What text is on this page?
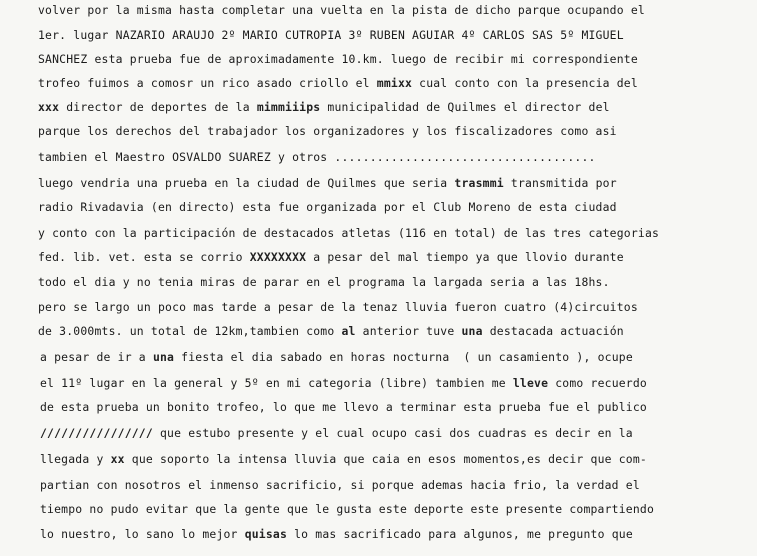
volver por la misma hasta completar una vuelta en la pista de dicho parque ocupando el
1er. lugar NAZARIO ARAUJO 2º MARIO CUTROPIA 3º RUBEN AGUIAR 4º CARLOS SAS 5º MIGUEL
SANCHEZ esta prueba fue de aproximadamente 10.km. luego de recibir mi correspondiente
trofeo fuimos a comosr un rico asado criollo el mmixx cual conto con la presencia del
xxx director de deportes de la mimmiiips municipalidad de Quilmes el director del
parque los derechos del trabajador los organizadores y los fiscalizadores como asi
tambien el Maestro OSVALDO SUAREZ y otros .....................................
luego vendria una prueba en la ciudad de Quilmes que seria trasmmi transmitida por
radio Rivadavia (en directo) esta fue organizada por el Club Moreno de esta ciudad
y conto con la participación de destacados atletas (116 en total) de las tres categorias
fed. lib. vet. esta se corrio XXXXXXXX a pesar del mal tiempo ya que llovio durante
todo el dia y no tenia miras de parar en el programa la largada seria a las 18hs.
pero se largo un poco mas tarde a pesar de la tenaz lluvia fueron cuatro (4)circuitos
de 3.000mts. un total de 12km,tambien como al anterior tuve una destacada actuación
a pesar de ir a una fiesta el dia sabado en horas nocturna  ( un casamiento ), ocupe
el 11º lugar en la general y 5º en mi categoria (libre) tambien me lleve como recuerdo
de esta prueba un bonito trofeo, lo que me llevo a terminar esta prueba fue el publico
//////////////// que estubo presente y el cual ocupo casi dos cuadras es decir en la
llegada y xx que soporto la intensa lluvia que caia en esos momentos,es decir que com-
partian con nosotros el inmenso sacrificio, si porque ademas hacia frio, la verdad el
tiempo no pudo evitar que la gente que le gusta este deporte este presente compartiendo
lo nuestro, lo sano lo mejor quisas lo mas sacrificado para algunos, me pregunto que
